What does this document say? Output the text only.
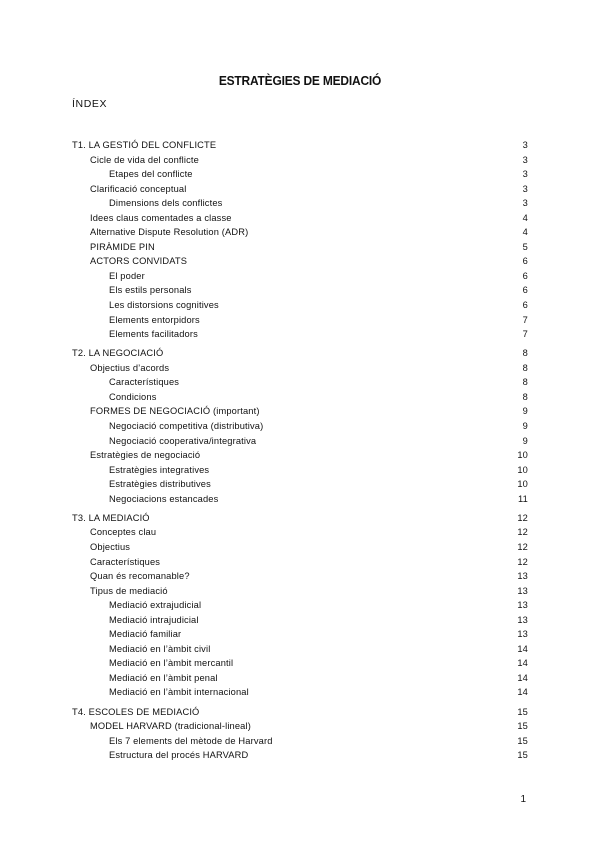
ESTRATÈGIES DE MEDIACIÓ
ÍNDEX
T1. LA GESTIÓ DEL CONFLICTE	3
Cicle de vida del conflicte	3
Etapes del conflicte	3
Clarificació conceptual	3
Dimensions dels conflictes	3
Idees claus comentades a classe	4
Alternative Dispute Resolution (ADR)	4
PIRÀMIDE PIN	5
ACTORS CONVIDATS	6
El poder	6
Els estils personals	6
Les distorsions cognitives	6
Elements entorpidors	7
Elements facilitadors	7
T2. LA NEGOCIACIÓ	8
Objectius d’acords	8
Característiques	8
Condicions	8
FORMES DE NEGOCIACIÓ (important)	9
Negociació competitiva (distributiva)	9
Negociació cooperativa/integrativa	9
Estratègies de negociació	10
Estratègies integratives	10
Estratègies distributives	10
Negociacions estancades	11
T3. LA MEDIACIÓ	12
Conceptes clau	12
Objectius	12
Característiques	12
Quan és recomanable?	13
Tipus de mediació	13
Mediació extrajudicial	13
Mediació intrajudicial	13
Mediació familiar	13
Mediació en l’àmbit civil	14
Mediació en l’àmbit mercantil	14
Mediació en l’àmbit penal	14
Mediació en l’àmbit internacional	14
T4. ESCOLES DE MEDIACIÓ	15
MODEL HARVARD (tradicional-lineal)	15
Els 7 elements del mètode de Harvard	15
Estructura del procés HARVARD	15
1
